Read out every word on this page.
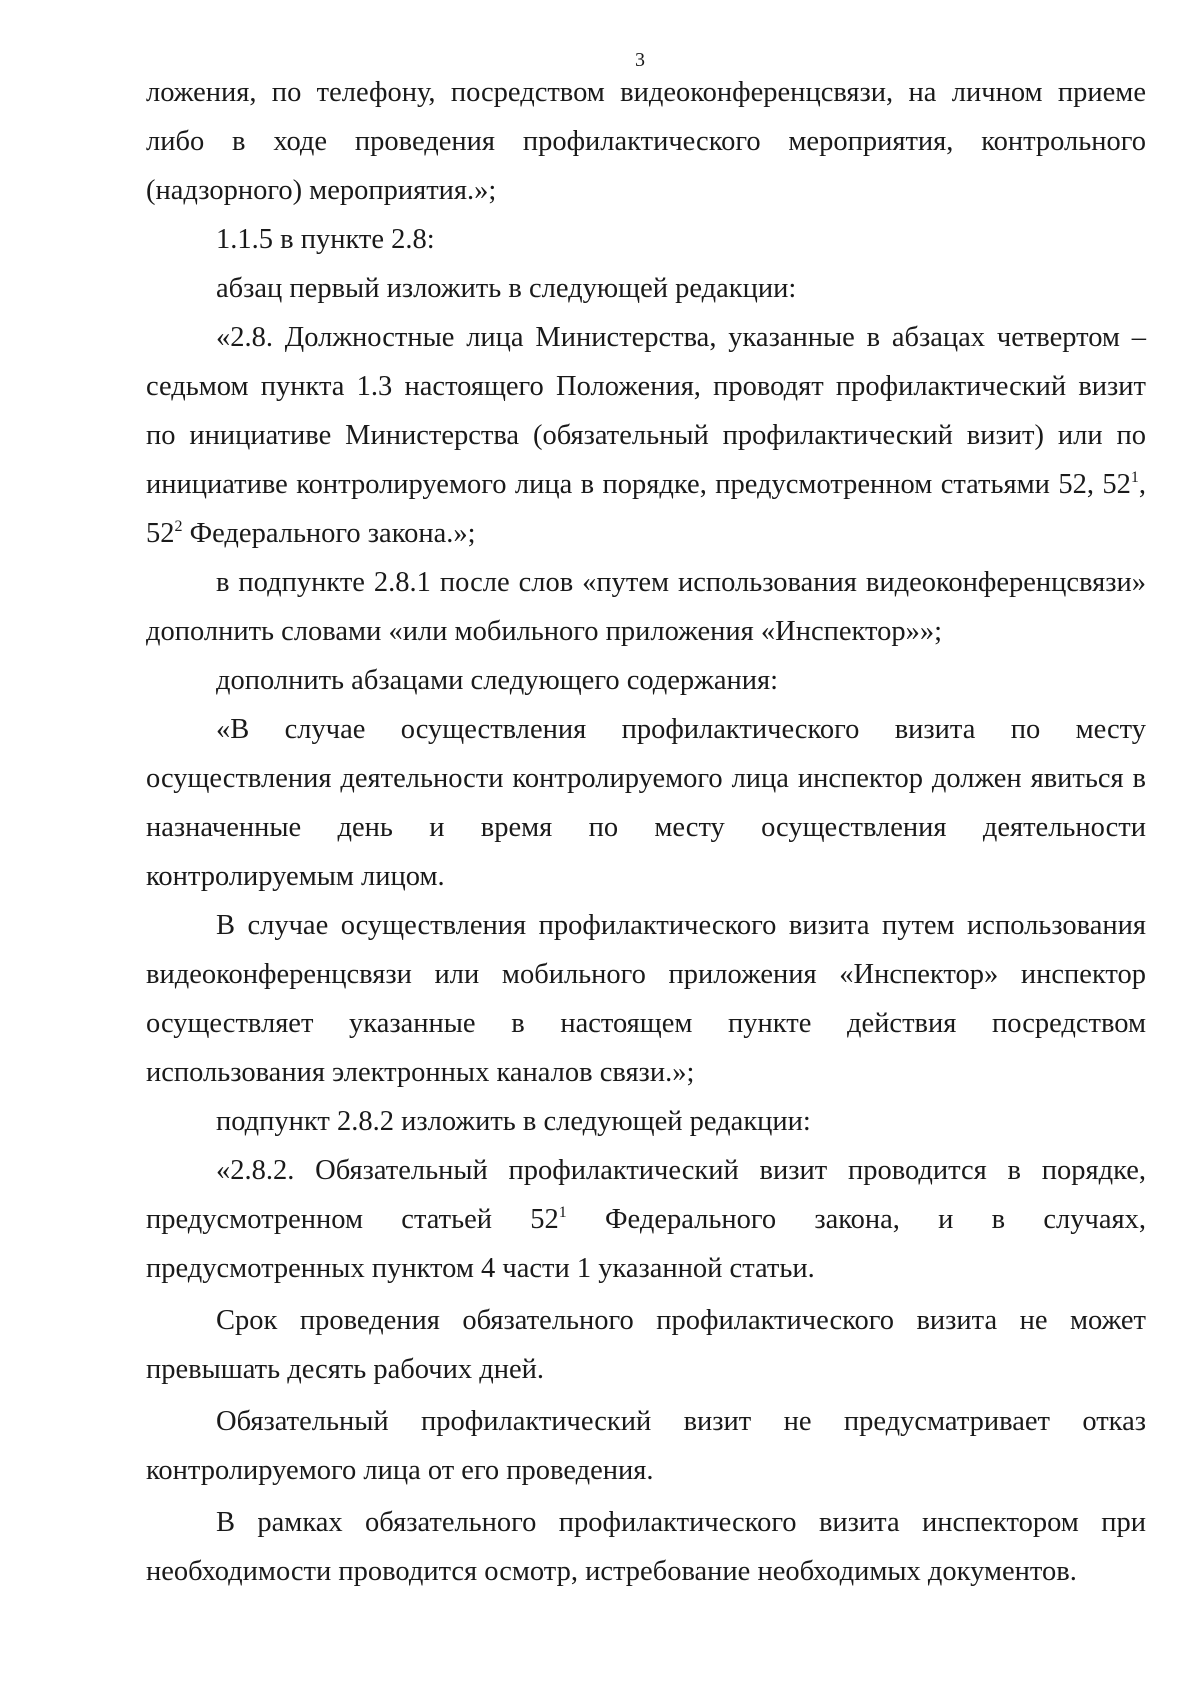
3

ложения, по телефону, посредством видеоконференцсвязи, на личном приеме либо в ходе проведения профилактического мероприятия, контрольного (надзорного) мероприятия.»;

1.1.5 в пункте 2.8:

абзац первый изложить в следующей редакции:

«2.8. Должностные лица Министерства, указанные в абзацах четвертом – седьмом пункта 1.3 настоящего Положения, проводят профилактический визит по инициативе Министерства (обязательный профилактический визит) или по инициативе контролируемого лица в порядке, предусмотренном статьями 52, $52^1$, $52^2$ Федерального закона.»;

в подпункте 2.8.1 после слов «путем использования видеоконференцсвязи» дополнить словами «или мобильного приложения «Инспектор»»;

дополнить абзацами следующего содержания:

«В случае осуществления профилактического визита по месту осуществления деятельности контролируемого лица инспектор должен явиться в назначенные день и время по месту осуществления деятельности контролируемым лицом.

В случае осуществления профилактического визита путем использования видеоконференцсвязи или мобильного приложения «Инспектор» инспектор осуществляет указанные в настоящем пункте действия посредством использования электронных каналов связи.»;

подпункт 2.8.2 изложить в следующей редакции:

«2.8.2. Обязательный профилактический визит проводится в порядке, предусмотренном статьей $52^1$ Федерального закона, и в случаях, предусмотренных пунктом 4 части 1 указанной статьи.

Срок проведения обязательного профилактического визита не может превышать десять рабочих дней.

Обязательный профилактический визит не предусматривает отказ контролируемого лица от его проведения.

В рамках обязательного профилактического визита инспектором при необходимости проводится осмотр, истребование необходимых документов.
